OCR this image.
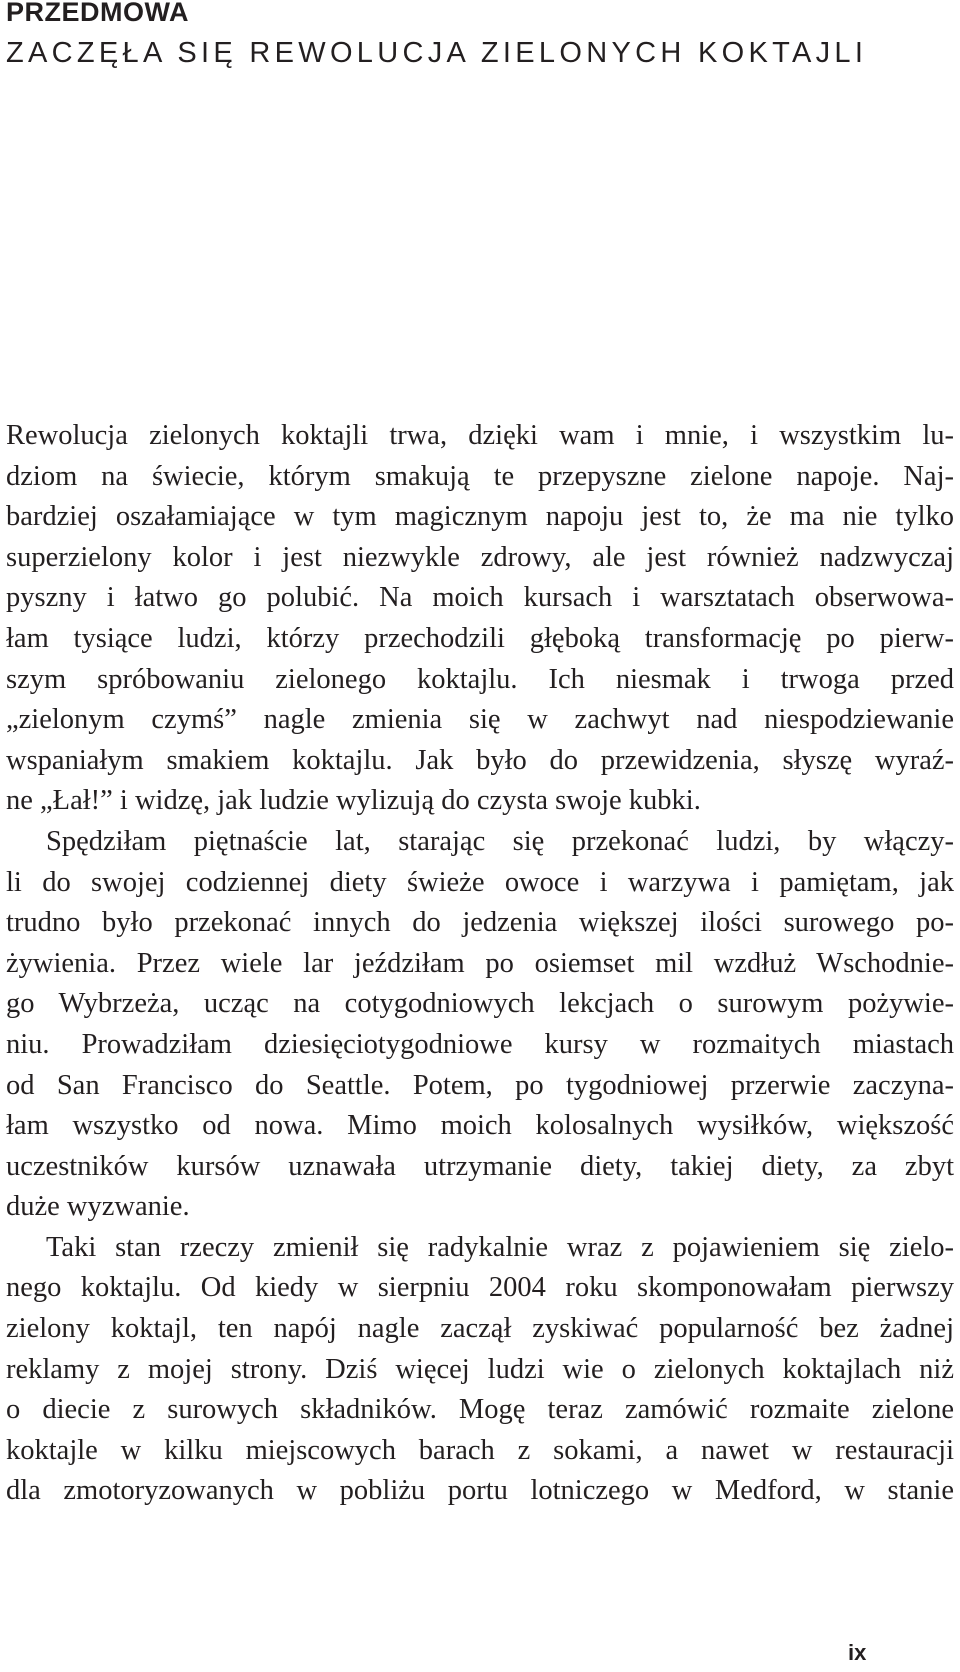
PRZEDMOWA
ZACZĘŁA SIĘ REWOLUCJA ZIELONYCH KOKTAJLI
Rewolucja zielonych koktajli trwa, dzięki wam i mnie, i wszystkim lu-
dziom na świecie, którym smakują te przepyszne zielone napoje. Naj-
bardziej oszałamiające w tym magicznym napoju jest to, że ma nie tylko
superzielony kolor i jest niezwykle zdrowy, ale jest również nadzwyczaj
pyszny i łatwo go polubić. Na moich kursach i warsztatach obserwowa-
łam tysiące ludzi, którzy przechodzili głęboką transformację po pierw-
szym spróbowaniu zielonego koktajlu. Ich niesmak i trwoga przed
„zielonym czymś” nagle zmienia się w zachwyt nad niespodziewanie
wspaniałym smakiem koktajlu. Jak było do przewidzenia, słyszę wyraź-
ne „Łał!” i widzę, jak ludzie wylizują do czysta swoje kubki.
Spędziłam piętnaście lat, starając się przekonać ludzi, by włączy-
li do swojej codziennej diety świeże owoce i warzywa i pamiętam, jak
trudno było przekonać innych do jedzenia większej ilości surowego po-
żywienia. Przez wiele lar jeździłam po osiemset mil wzdłuż Wschodnie-
go Wybrzeża, ucząc na cotygodniowych lekcjach o surowym pożywie-
niu. Prowadziłam dziesięciotygodniowe kursy w rozmaitych miastach
od San Francisco do Seattle. Potem, po tygodniowej przerwie zaczyna-
łam wszystko od nowa. Mimo moich kolosalnych wysiłków, większość
uczestników kursów uznawała utrzymanie diety, takiej diety, za zbyt
duże wyzwanie.
Taki stan rzeczy zmienił się radykalnie wraz z pojawieniem się zielo-
nego koktajlu. Od kiedy w sierpniu 2004 roku skomponowałam pierwszy
zielony koktajl, ten napój nagle zaczął zyskiwać popularność bez żadnej
reklamy z mojej strony. Dziś więcej ludzi wie o zielonych koktajlach niż
o diecie z surowych składników. Mogę teraz zamówić rozmaite zielone
koktajle w kilku miejscowych barach z sokami, a nawet w restauracji
dla zmotoryzowanych w pobliżu portu lotniczego w Medford, w stanie
ix
